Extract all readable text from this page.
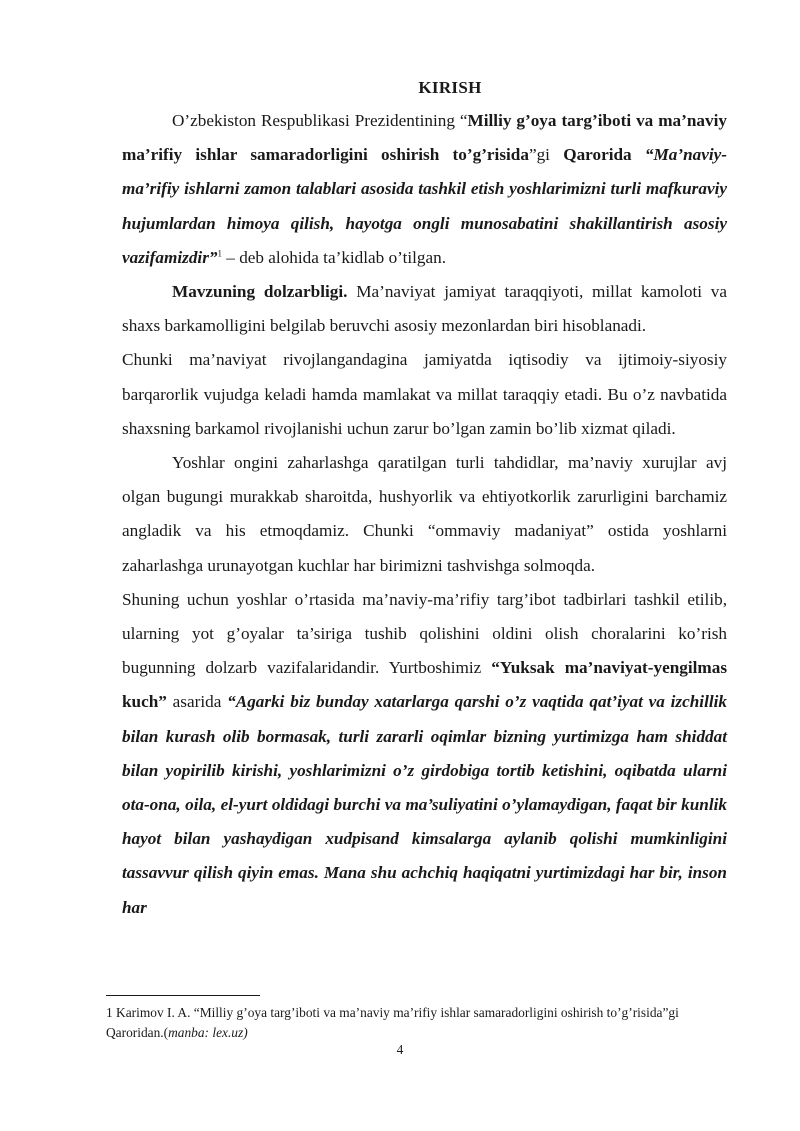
KIRISH

O’zbekiston Respublikasi Prezidentining “Milliy g’oya targ’iboti va ma’naviy ma’rifiy ishlar samaradorligini oshirish to’g’risida”gi Qarorida “Ma’naviy-ma’rifiy ishlarni zamon talablari asosida tashkil etish yoshlarimizni turli mafkuraviy hujumlardan himoya qilish, hayotga ongli munosabatini shakillantirish asosiy vazifamizdir”$^1$ – deb alohida ta’kidlab o’tilgan.

Mavzuning dolzarbligi. Ma’naviyat jamiyat taraqqiyoti, millat kamoloti va shaxs barkamolligini belgilab beruvchi asosiy mezonlardan biri hisoblanadi.

Chunki ma’naviyat rivojlangandagina jamiyatda iqtisodiy va ijtimoiy-siyosiy barqarorlik vujudga keladi hamda mamlakat va millat taraqqiy etadi. Bu o’z navbatida shaxsning barkamol rivojlanishi uchun zarur bo’lgan zamin bo’lib xizmat qiladi.

Yoshlar ongini zaharlashga qaratilgan turli tahdidlar, ma’naviy xurujlar avj olgan bugungi murakkab sharoitda, hushyorlik va ehtiyotkorlik zarurligini barchamiz angladik va his etmoqdamiz. Chunki “ommaviy madaniyat” ostida yoshlarni zaharlashga urunayotgan kuchlar har birimizni tashvishga solmoqda.

Shuning uchun yoshlar o’rtasida ma’naviy-ma’rifiy targ’ibot tadbirlari tashkil etilib, ularning yot g’oyalar ta’siriga tushib qolishini oldini olish choralarini ko’rish bugunning dolzarb vazifalaridandir. Yurtboshimiz “Yuksak ma’naviyat-yengilmas kuch” asarida “Agarki biz bunday xatarlarga qarshi o’z vaqtida qat’iyat va izchillik bilan kurash olib bormasak, turli zararli oqimlar bizning yurtimizga ham shiddat bilan yopirilib kirishi, yoshlarimizni o’z girdobiga tortib ketishini, oqibatda ularni ota-ona, oila, el-yurt oldidagi burchi va ma’suliyatini o’ylamaydigan, faqat bir kunlik hayot bilan yashaydigan xudpisand kimsalarga aylanib qolishi mumkinligini tassavvur qilish qiyin emas. Mana shu achchiq haqiqatni yurtimizdagi har bir, inson har

1 Karimov I. A. “Milliy g’oya targ’iboti va ma’naviy ma’rifiy ishlar samaradorligini oshirish to’g’risida”gi Qaroridan.(manba: lex.uz)
4
